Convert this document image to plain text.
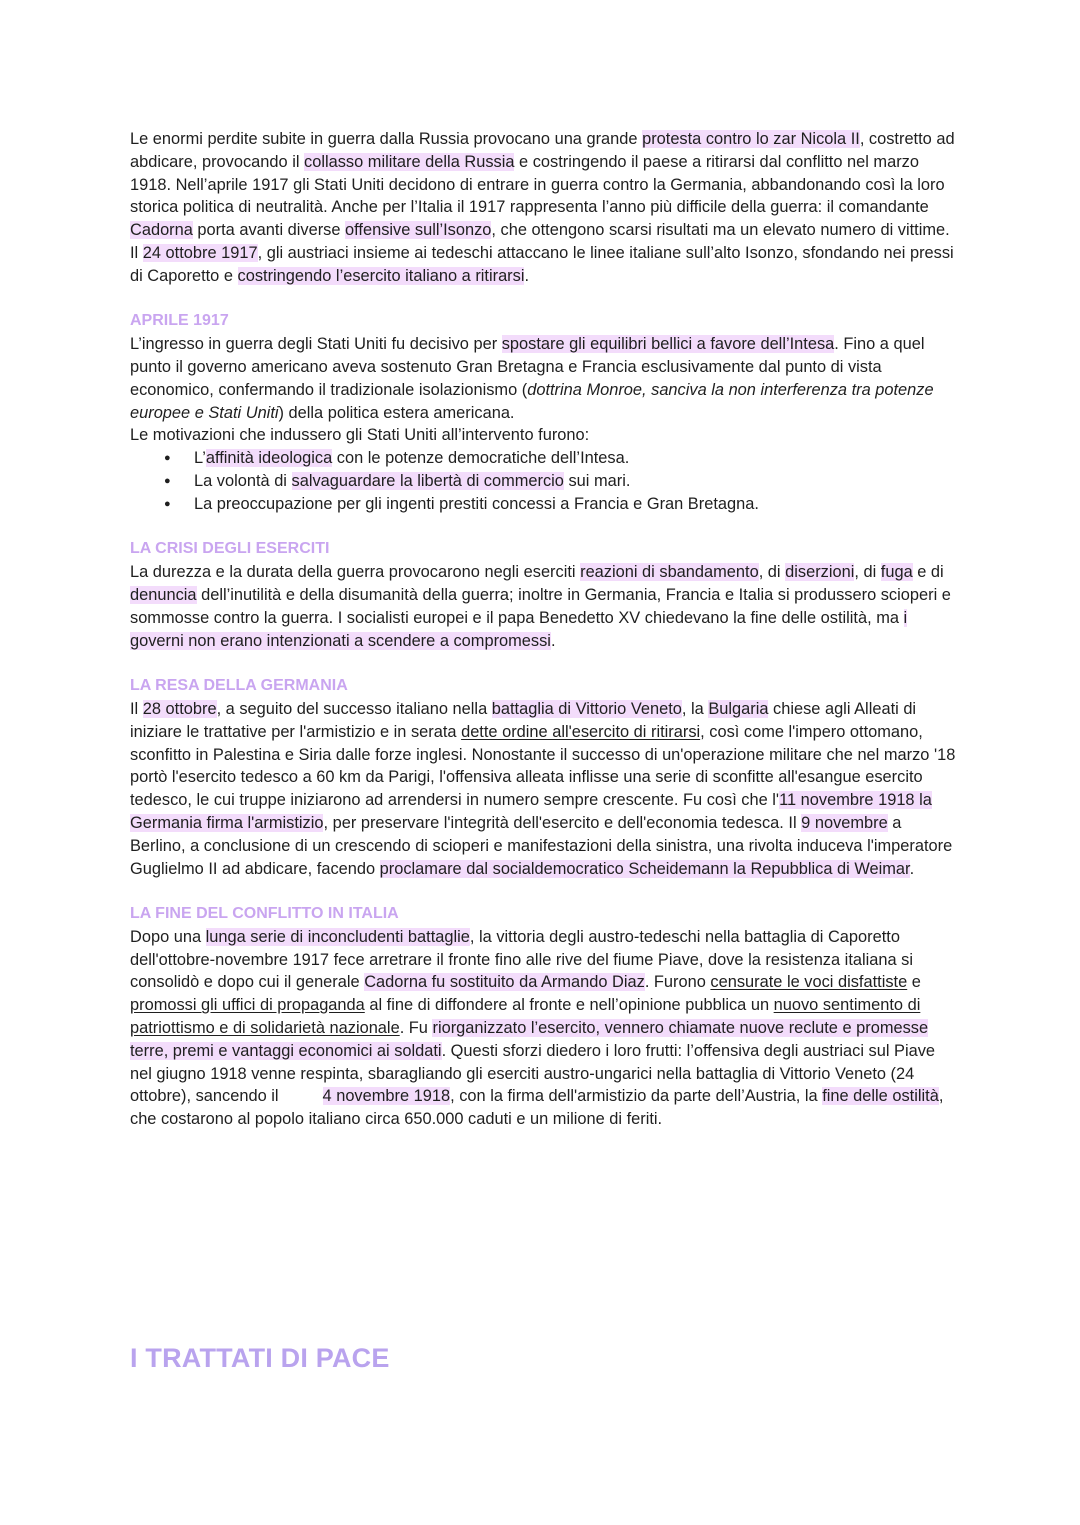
Le enormi perdite subite in guerra dalla Russia provocano una grande protesta contro lo zar Nicola II, costretto ad abdicare, provocando il collasso militare della Russia e costringendo il paese a ritirarsi dal conflitto nel marzo 1918. Nell’aprile 1917 gli Stati Uniti decidono di entrare in guerra contro la Germania, abbandonando così la loro storica politica di neutralità. Anche per l’Italia il 1917 rappresenta l’anno più difficile della guerra: il comandante Cadorna porta avanti diverse offensive sull’Isonzo, che ottengono scarsi risultati ma un elevato numero di vittime. Il 24 ottobre 1917, gli austriaci insieme ai tedeschi attaccano le linee italiane sull’alto Isonzo, sfondando nei pressi di Caporetto e costringendo l’esercito italiano a ritirarsi.

APRILE 1917

L’ingresso in guerra degli Stati Uniti fu decisivo per spostare gli equilibri bellici a favore dell’Intesa. Fino a quel punto il governo americano aveva sostenuto Gran Bretagna e Francia esclusivamente dal punto di vista economico, confermando il tradizionale isolazionismo (dottrina Monroe, sanciva la non interferenza tra potenze europee e Stati Uniti) della politica estera americana.

Le motivazioni che indussero gli Stati Uniti all’intervento furono:

● L’affinità ideologica con le potenze democratiche dell’Intesa.
● La volontà di salvaguardare la libertà di commercio sui mari.
● La preoccupazione per gli ingenti prestiti concessi a Francia e Gran Bretagna.

LA CRISI DEGLI ESERCITI

La durezza e la durata della guerra provocarono negli eserciti reazioni di sbandamento, di diserzioni, di fuga e di denuncia dell’inutilità e della disumanità della guerra; inoltre in Germania, Francia e Italia si produssero scioperi e sommosse contro la guerra. I socialisti europei e il papa Benedetto XV chiedevano la fine delle ostilità, ma i governi non erano intenzionati a scendere a compromessi.

LA RESA DELLA GERMANIA

Il 28 ottobre, a seguito del successo italiano nella battaglia di Vittorio Veneto, la Bulgaria chiese agli Alleati di iniziare le trattative per l'armistizio e in serata dette ordine all'esercito di ritirarsi, così come l'impero ottomano, sconfitto in Palestina e Siria dalle forze inglesi. Nonostante il successo di un'operazione militare che nel marzo '18 portò l'esercito tedesco a 60 km da Parigi, l'offensiva alleata inflisse una serie di sconfitte all'esangue esercito tedesco, le cui truppe iniziarono ad arrendersi in numero sempre crescente. Fu così che l'11 novembre 1918 la Germania firma l'armistizio, per preservare l'integrità dell'esercito e dell'economia tedesca. Il 9 novembre a Berlino, a conclusione di un crescendo di scioperi e manifestazioni della sinistra, una rivolta induceva l'imperatore Guglielmo II ad abdicare, facendo proclamare dal socialdemocratico Scheidemann la Repubblica di Weimar.

LA FINE DEL CONFLITTO IN ITALIA

Dopo una lunga serie di inconcludenti battaglie, la vittoria degli austro-tedeschi nella battaglia di Caporetto dell'ottobre-novembre 1917 fece arretrare il fronte fino alle rive del fiume Piave, dove la resistenza italiana si consolidò e dopo cui il generale Cadorna fu sostituito da Armando Diaz. Furono censurate le voci disfattiste e promossi gli uffici di propaganda al fine di diffondere al fronte e nell’opinione pubblica un nuovo sentimento di patriottismo e di solidarietà nazionale. Fu riorganizzato l’esercito, vennero chiamate nuove reclute e promesse terre, premi e vantaggi economici ai soldati. Questi sforzi diedero i loro frutti: l’offensiva degli austriaci sul Piave nel giugno 1918 venne respinta, sbaragliando gli eserciti austro-ungarici nella battaglia di Vittorio Veneto (24 ottobre), sancendo il	4 novembre 1918, con la firma dell'armistizio da parte dell’Austria, la fine delle ostilità, che costarono al popolo italiano circa 650.000 caduti e un milione di feriti.

I TRATTATI DI PACE
